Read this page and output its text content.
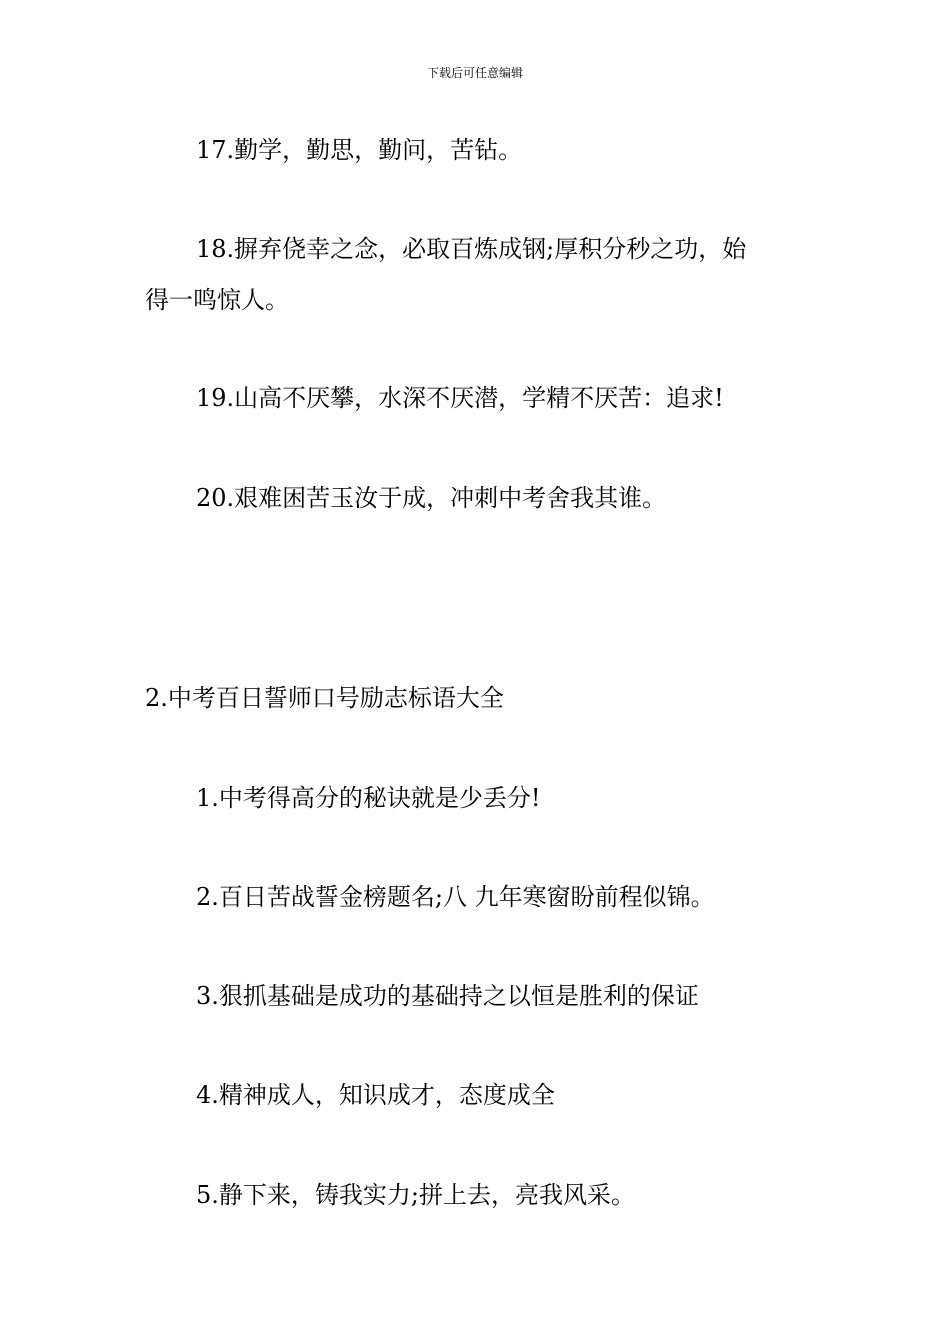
下载后可任意编辑
17.勤学，勤思，勤问，苦钻。
18.摒弃侥幸之念，必取百炼成钢;厚积分秒之功，始
得一鸣惊人。
19.山高不厌攀，水深不厌潜，学精不厌苦：追求!
20.艰难困苦玉汝于成，冲刺中考舍我其谁。
2.中考百日誓师口号励志标语大全
1.中考得高分的秘诀就是少丢分!
2.百日苦战誓金榜题名;八 九年寒窗盼前程似锦。
3.狠抓基础是成功的基础持之以恒是胜利的保证
4.精神成人，知识成才，态度成全
5.静下来，铸我实力;拼上去，亮我风采。
